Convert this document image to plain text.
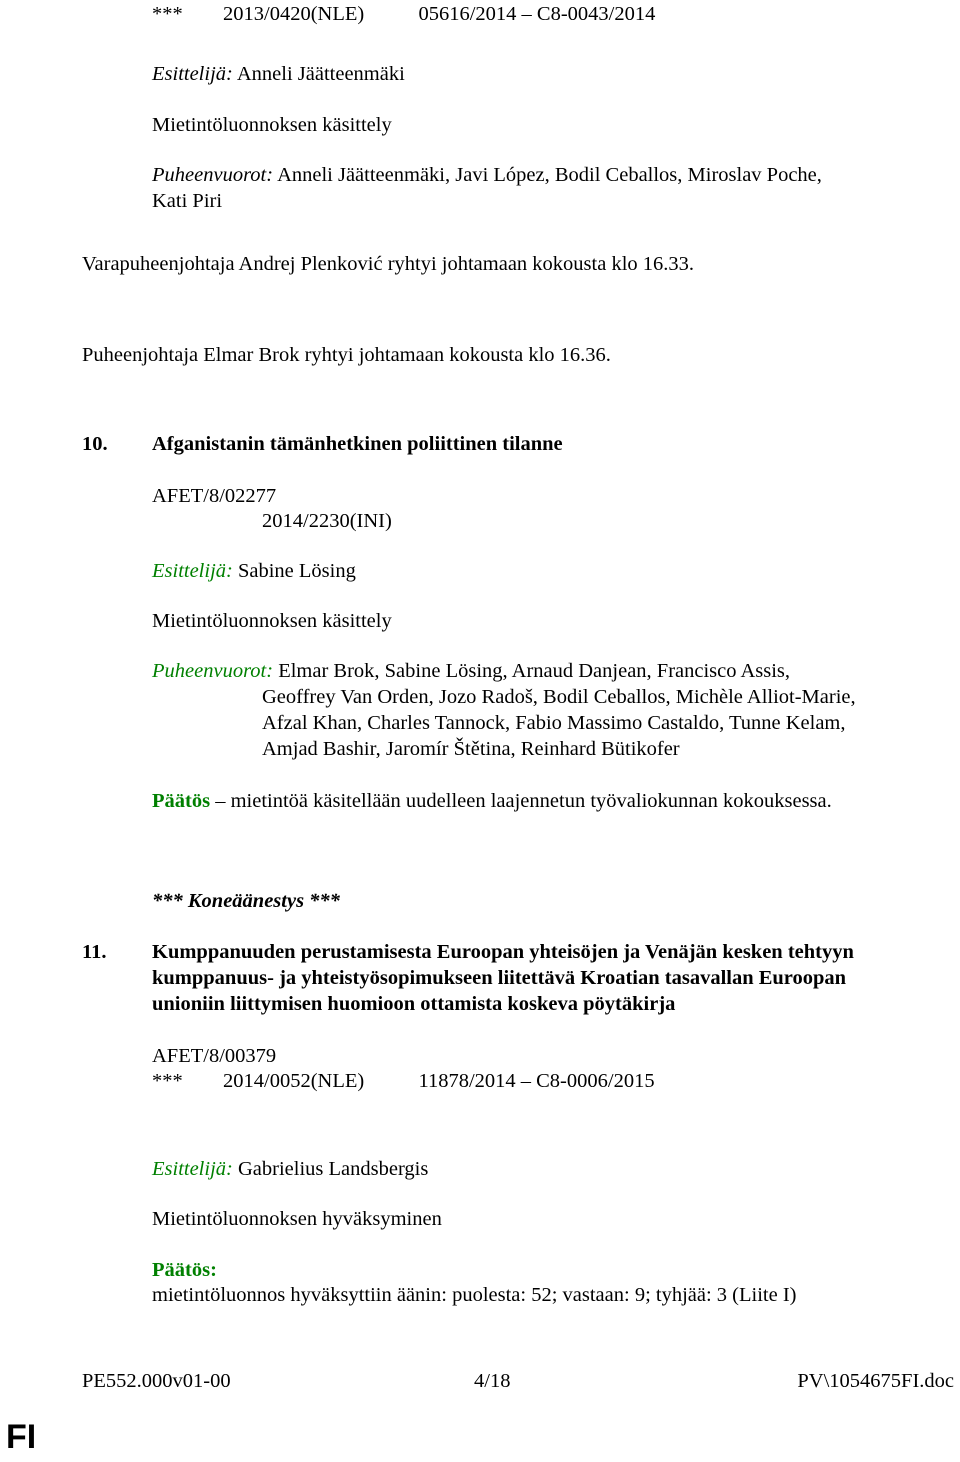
*** 2013/0420(NLE)	05616/2014 – C8-0043/2014
Esittelijä: Anneli Jäätteenmäki
Mietintöluonnoksen käsittely
Puheenvuorot: Anneli Jäätteenmäki, Javi López, Bodil Ceballos, Miroslav Poche,
Kati Piri
Varapuheenjohtaja Andrej Plenković ryhtyi johtamaan kokousta klo 16.33.
Puheenjohtaja Elmar Brok ryhtyi johtamaan kokousta klo 16.36.
10. Afganistanin tämänhetkinen poliittinen tilanne
AFET/8/02277
2014/2230(INI)
Esittelijä: Sabine Lösing
Mietintöluonnoksen käsittely
Puheenvuorot: Elmar Brok, Sabine Lösing, Arnaud Danjean, Francisco Assis,
Geoffrey Van Orden, Jozo Radoš, Bodil Ceballos, Michèle Alliot-Marie,
Afzal Khan, Charles Tannock, Fabio Massimo Castaldo, Tunne Kelam,
Amjad Bashir, Jaromír Štětina, Reinhard Bütikofer
Päätös – mietintöä käsitellään uudelleen laajennetun työvaliokunnan kokouksessa.
*** Koneäänestys ***
11. Kumppanuuden perustamisesta Euroopan yhteisöjen ja Venäjän kesken tehtyyn
kumppanuus- ja yhteistyösopimukseen liitettävä Kroatian tasavallan Euroopan
unioniin liittymisen huomioon ottamista koskeva pöytäkirja
AFET/8/00379
*** 2014/0052(NLE)	11878/2014 – C8-0006/2015
Esittelijä: Gabrielius Landsbergis
Mietintöluonnoksen hyväksyminen
Päätös:
mietintöluonnos hyväksyttiin äänin: puolesta: 52; vastaan: 9; tyhjää: 3 (Liite I)
PE552.000v01-00	4/18	PV\1054675FI.doc
FI
